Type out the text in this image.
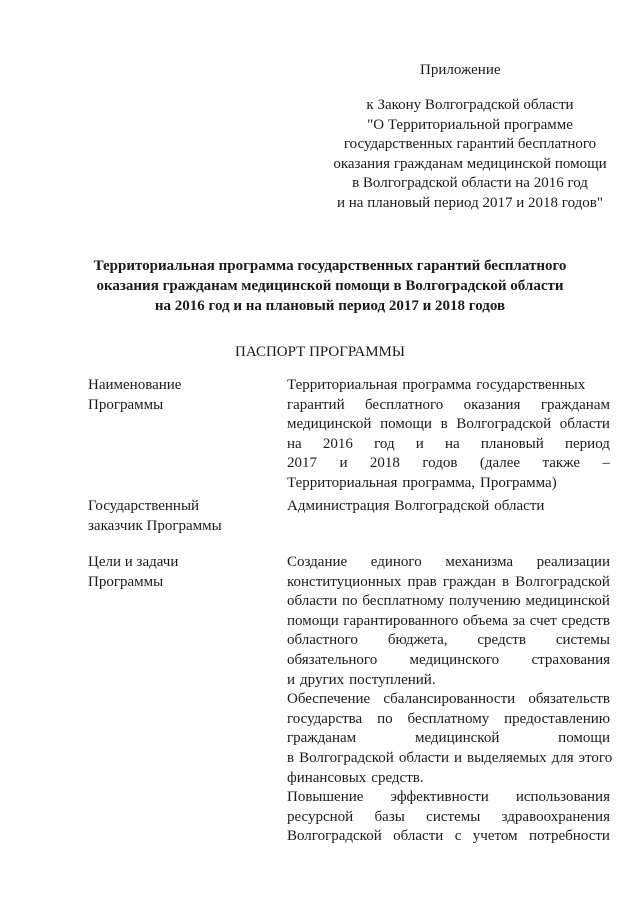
Приложение
к Закону Волгоградской области
"О Территориальной программе
государственных гарантий бесплатного
оказания гражданам медицинской помощи
в Волгоградской области на 2016 год
и на плановый период 2017 и 2018 годов"
Территориальная программа государственных гарантий бесплатного
оказания гражданам медицинской помощи в Волгоградской области
на 2016 год и на плановый период 2017 и 2018 годов
ПАСПОРТ ПРОГРАММЫ
Наименование
Программы
Территориальная программа государственных
гарантий бесплатного оказания гражданам
медицинской помощи в Волгоградской области
на 2016 год и на плановый период
2017 и 2018 годов (далее также –
Территориальная программа, Программа)
Государственный
заказчик Программы
Администрация Волгоградской области
Цели и задачи
Программы
Создание единого механизма реализации
конституционных прав граждан в Волгоградской
области по бесплатному получению медицинской
помощи гарантированного объема за счет средств
областного бюджета, средств системы
обязательного медицинского страхования
и других поступлений.
Обеспечение сбалансированности обязательств
государства по бесплатному предоставлению
гражданам	медицинской	помощи
в Волгоградской области и выделяемых для этого
финансовых средств.
Повышение эффективности использования
ресурсной базы системы здравоохранения
Волгоградской области с учетом потребности
